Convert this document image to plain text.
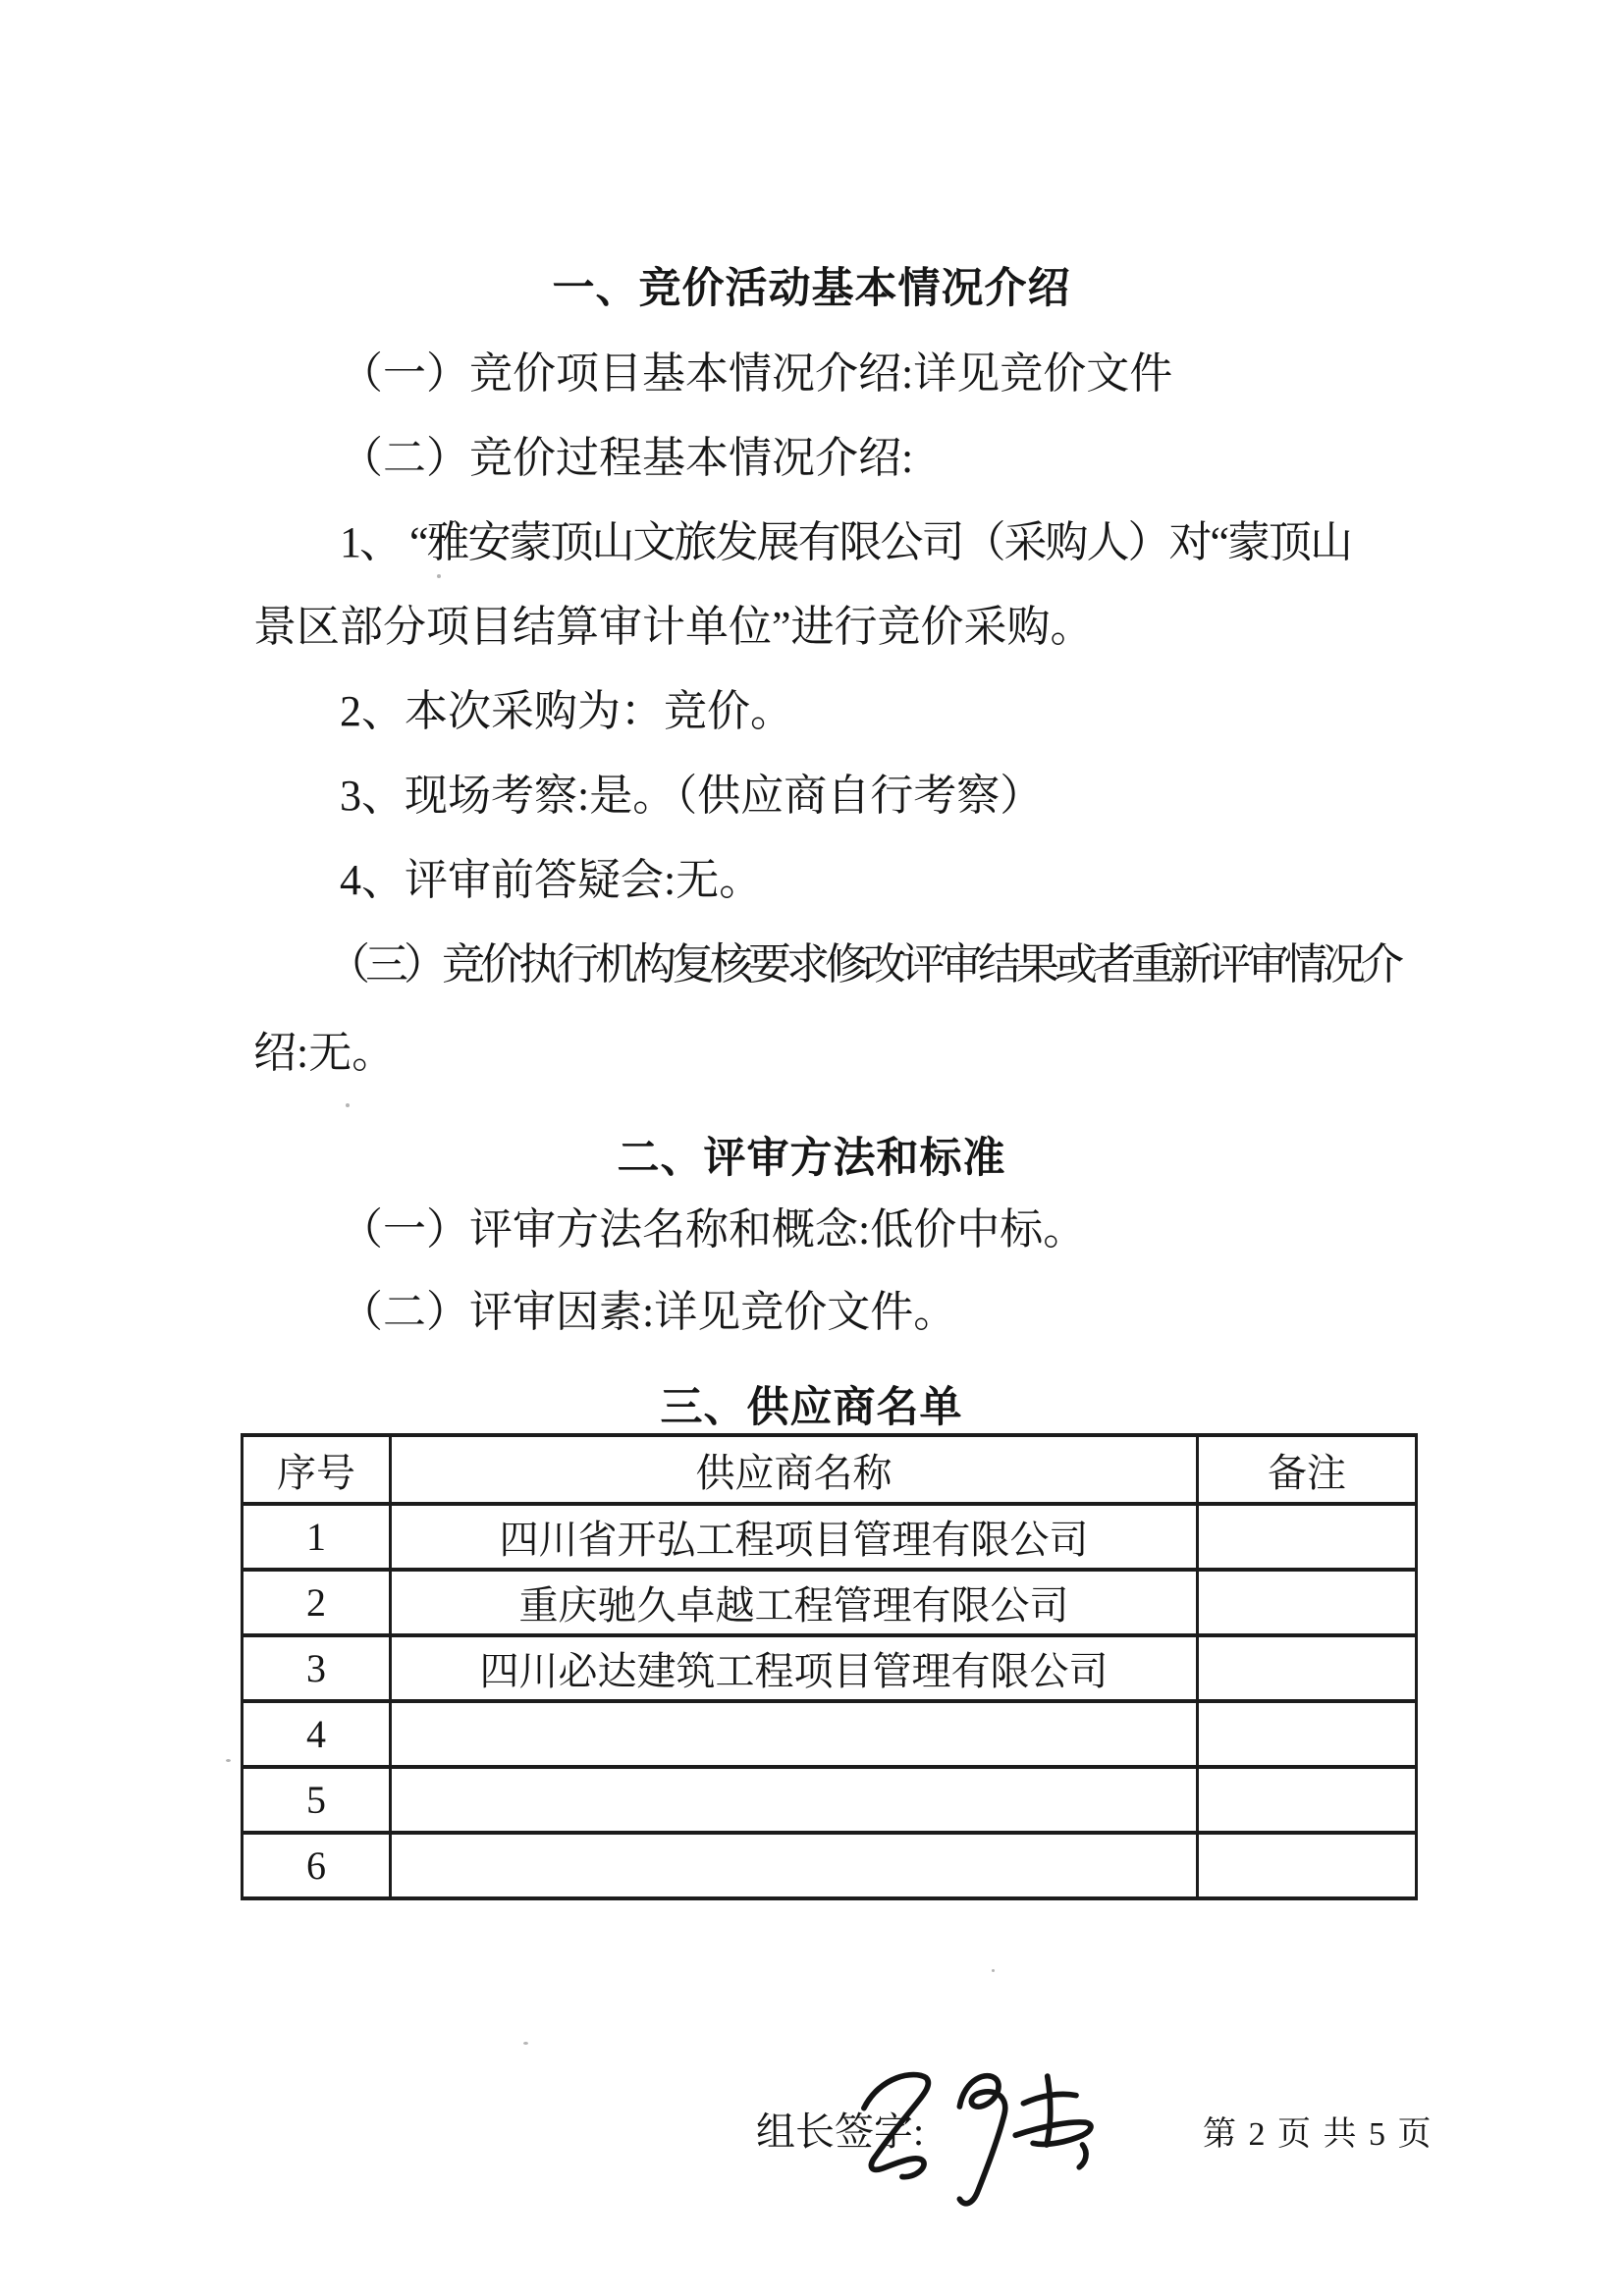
一、竞价活动基本情况介绍
（一）竞价项目基本情况介绍:详见竞价文件
（二）竞价过程基本情况介绍:
1、 “雅安蒙顶山文旅发展有限公司（采购人）对“蒙顶山
景区部分项目结算审计单位”进行竞价采购。
2、本次采购为：竞价。
3、现场考察:是。（供应商自行考察）
4、评审前答疑会:无。
（三）竞价执行机构复核要求修改评审结果或者重新评审情况介
绍:无。
二、评审方法和标准
（一）评审方法名称和概念:低价中标。
（二）评审因素:详见竞价文件。
三、供应商名单
序号	供应商名称	备注
1	四川省开弘工程项目管理有限公司	
2	重庆驰久卓越工程管理有限公司	
3	四川必达建筑工程项目管理有限公司	
4		
5		
6		
组长签字:	第 2 页 共 5 页
